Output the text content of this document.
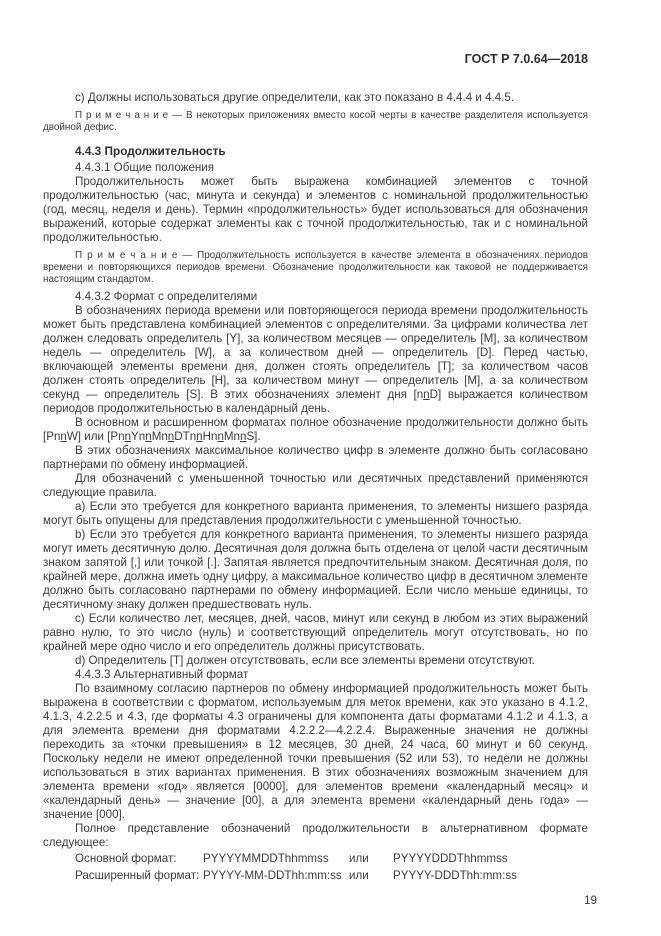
ГОСТ Р 7.0.64—2018

с) Должны использоваться другие определители, как это показано в 4.4.4 и 4.4.5.

П р и м е ч а н и е — В некоторых приложениях вместо косой черты в качестве разделителя используется двойной дефис.

4.4.3 Продолжительность

4.4.3.1 Общие положения

Продолжительность может быть выражена комбинацией элементов с точной продолжительностью (час, минута и секунда) и элементов с номинальной продолжительностью (год, месяц, неделя и день). Термин «продолжительность» будет использоваться для обозначения выражений, которые содержат элементы как с точной продолжительностью, так и с номинальной продолжительностью.

П р и м е ч а н и е — Продолжительность используется в качестве элемента в обозначениях периодов времени и повторяющихся периодов времени. Обозначение продолжительности как таковой не поддерживается настоящим стандартом.

4.4.3.2 Формат с определителями

В обозначениях периода времени или повторяющегося периода времени продолжительность может быть представлена комбинацией элементов с определителями. За цифрами количества лет должен следовать определитель [Y], за количеством месяцев — определитель [M], за количеством недель — определитель [W], а за количеством дней — определитель [D]. Перед частью, включающей элементы времени дня, должен стоять определитель [T]; за количеством часов должен стоять определитель [H], за количеством минут — определитель [M], а за количеством секунд — определитель [S]. В этих обозначениях элемент дня [nnD] выражается количеством периодов продолжительностью в календарный день.

В основном и расширенном форматах полное обозначение продолжительности должно быть [PnnW] или [PnnYnnMnnDTnnHnnMnnS].

В этих обозначениях максимальное количество цифр в элементе должно быть согласовано партнерами по обмену информацией.

Для обозначений с уменьшенной точностью или десятичных представлений применяются следующие правила.

a) Если это требуется для конкретного варианта применения, то элементы низшего разряда могут быть опущены для представления продолжительности с уменьшенной точностью.

b) Если это требуется для конкретного варианта применения, то элементы низшего разряда могут иметь десятичную долю. Десятичная доля должна быть отделена от целой части десятичным знаком запятой [,] или точкой [.]. Запятая является предпочтительным знаком. Десятичная доля, по крайней мере, должна иметь одну цифру, а максимальное количество цифр в десятичном элементе должно быть согласовано партнерами по обмену информацией. Если число меньше единицы, то десятичному знаку должен предшествовать нуль.

c) Если количество лет, месяцев, дней, часов, минут или секунд в любом из этих выражений равно нулю, то это число (нуль) и соответствующий определитель могут отсутствовать, но по крайней мере одно число и его определитель должны присутствовать.

d) Определитель [T] должен отсутствовать, если все элементы времени отсутствуют.

4.4.3.3 Альтернативный формат

По взаимному согласию партнеров по обмену информацией продолжительность может быть выражена в соответствии с форматом, используемым для меток времени, как это указано в 4.1.2, 4.1.3, 4.2.2.5 и 4.3, где форматы 4.3 ограничены для компонента даты форматами 4.1.2 и 4.1.3, а для элемента времени дня форматами 4.2.2.2—4.2.2.4. Выраженные значения не должны переходить за «точки превышения» в 12 месяцев, 30 дней, 24 часа, 60 минут и 60 секунд. Поскольку недели не имеют определенной точки превышения (52 или 53), то недели не должны использоваться в этих вариантах применения. В этих обозначениях возможным значением для элемента времени «год» является [0000], для элементов времени «календарный месяц» и «календарный день» — значение [00], а для элемента времени «календарный день года» — значение [000].

Полное представление обозначений продолжительности в альтернативном формате следующее:

Основной формат:	PYYYYMMDDThhmmss	или	PYYYYDDDThhmmss
Расширенный формат: PYYYY-MM-DDThh:mm:ss или	PYYYY-DDDThh:mm:ss
19
